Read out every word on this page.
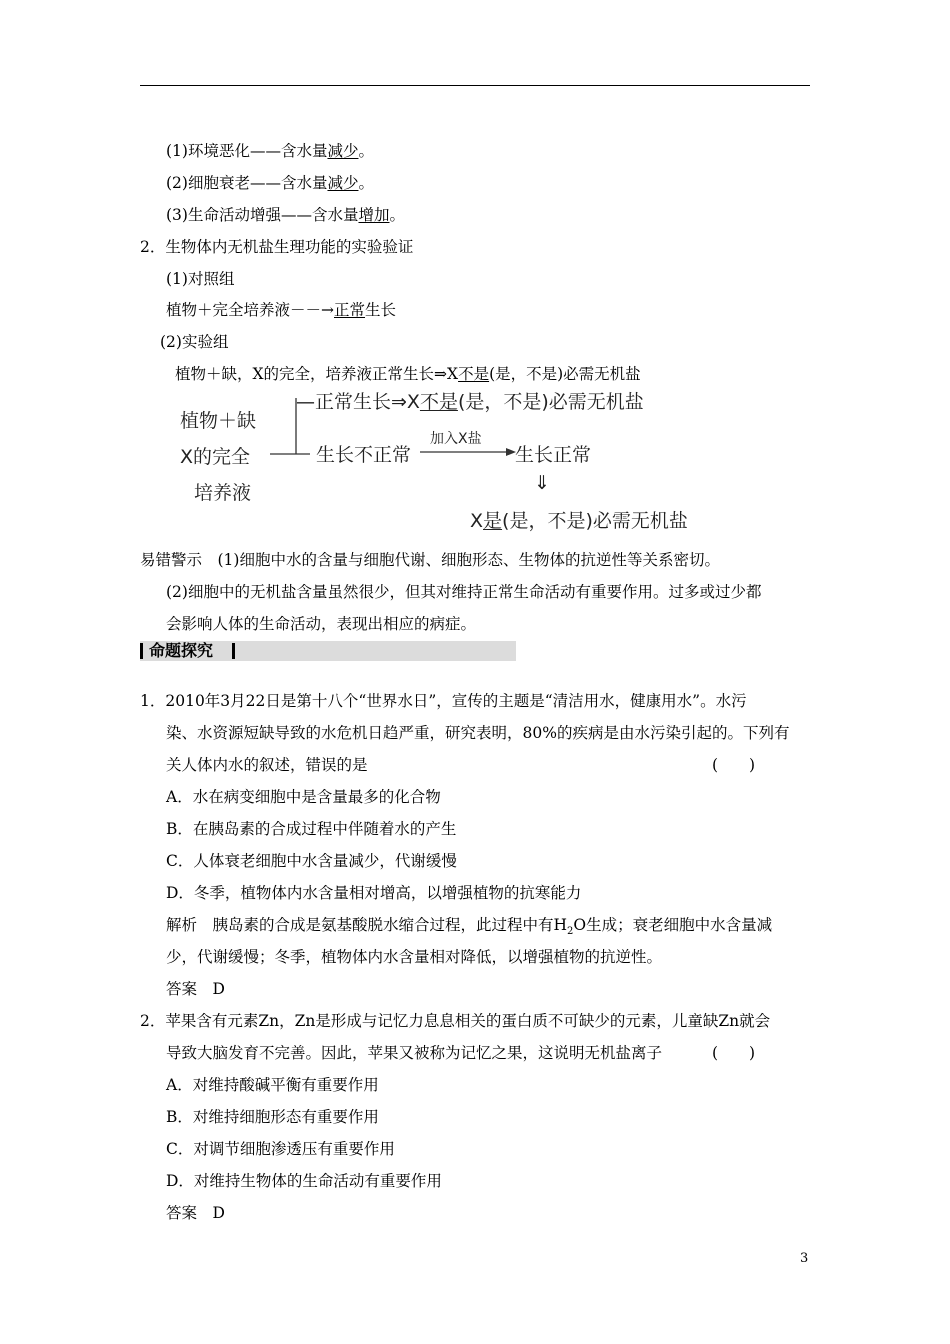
(1)环境恶化——含水量减少。
(2)细胞衰老——含水量减少。
(3)生命活动增强——含水量增加。
2．生物体内无机盐生理功能的实验验证
(1)对照组
植物＋完全培养液－－→正常生长
(2)实验组
植物＋缺，X的完全，培养液正常生长⇒X不是(是，不是)必需无机盐
植物＋缺
X的完全
培养液
—正常生长⇒X不是(是，不是)必需无机盐
生长不正常
加入X盐
生长正常
⇓
X是(是，不是)必需无机盐
易错警示　(1)细胞中水的含量与细胞代谢、细胞形态、生物体的抗逆性等关系密切。
(2)细胞中的无机盐含量虽然很少，但其对维持正常生命活动有重要作用。过多或过少都
会影响人体的生命活动，表现出相应的病症。
命题探究
1．2010年3月22日是第十八个“世界水日”，宣传的主题是“清洁用水，健康用水”。水污
染、水资源短缺导致的水危机日趋严重，研究表明，80%的疾病是由水污染引起的。下列有
关人体内水的叙述，错误的是	(　　)
A．水在病变细胞中是含量最多的化合物
B．在胰岛素的合成过程中伴随着水的产生
C．人体衰老细胞中水含量减少，代谢缓慢
D．冬季，植物体内水含量相对增高，以增强植物的抗寒能力
解析　胰岛素的合成是氨基酸脱水缩合过程，此过程中有$H_2O$生成；衰老细胞中水含量减
少，代谢缓慢；冬季，植物体内水含量相对降低，以增强植物的抗逆性。
答案　D
2．苹果含有元素Zn，Zn是形成与记忆力息息相关的蛋白质不可缺少的元素，儿童缺Zn就会
导致大脑发育不完善。因此，苹果又被称为记忆之果，这说明无机盐离子	(　　)
A．对维持酸碱平衡有重要作用
B．对维持细胞形态有重要作用
C．对调节细胞渗透压有重要作用
D．对维持生物体的生命活动有重要作用
答案　D
3
